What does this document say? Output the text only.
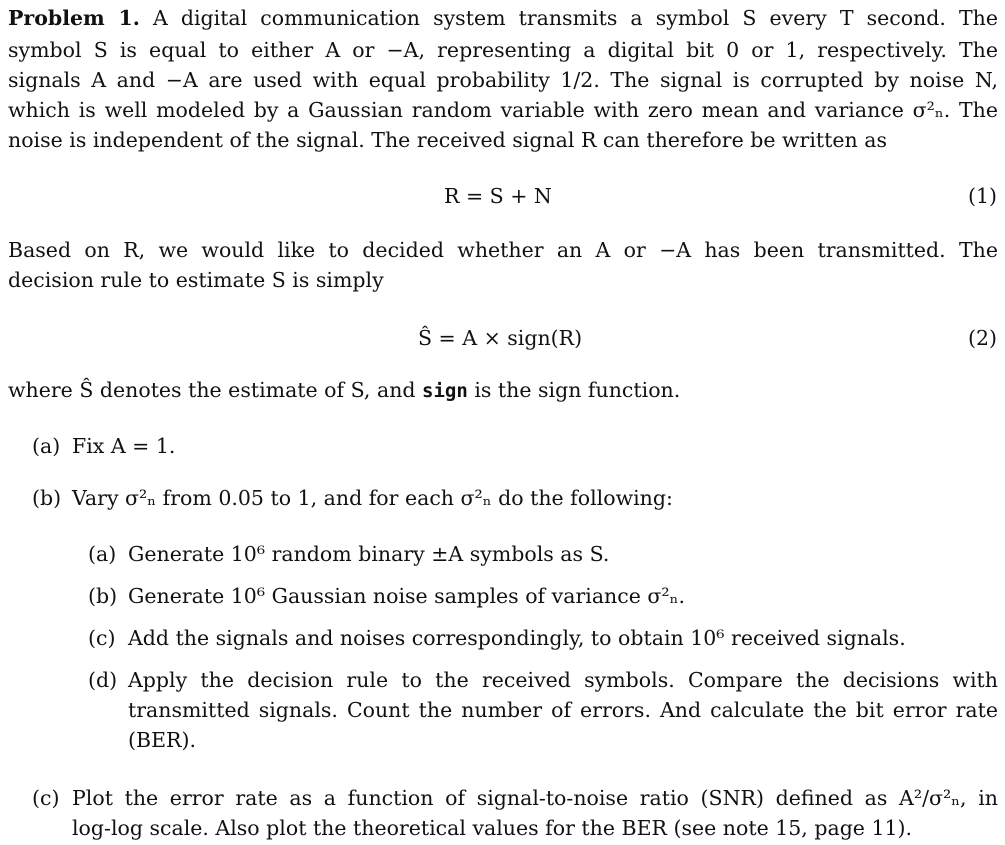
Problem 1. A digital communication system transmits a symbol S every T second. The
symbol S is equal to either A or −A, representing a digital bit 0 or 1, respectively. The
signals A and −A are used with equal probability 1/2. The signal is corrupted by noise N,
which is well modeled by a Gaussian random variable with zero mean and variance σ²ₙ. The
noise is independent of the signal. The received signal R can therefore be written as
R = S + N	(1)
Based on R, we would like to decided whether an A or −A has been transmitted. The
decision rule to estimate S is simply
Ŝ = A × sign(R)	(2)
where Ŝ denotes the estimate of S, and sign is the sign function.
(a) Fix A = 1.
(b) Vary σ²ₙ from 0.05 to 1, and for each σ²ₙ do the following:
(a) Generate 10⁶ random binary ±A symbols as S.
(b) Generate 10⁶ Gaussian noise samples of variance σ²ₙ.
(c) Add the signals and noises correspondingly, to obtain 10⁶ received signals.
(d) Apply the decision rule to the received symbols. Compare the decisions with
transmitted signals. Count the number of errors. And calculate the bit error rate
(BER).
(c) Plot the error rate as a function of signal-to-noise ratio (SNR) defined as A²/σ²ₙ, in
log-log scale. Also plot the theoretical values for the BER (see note 15, page 11).
